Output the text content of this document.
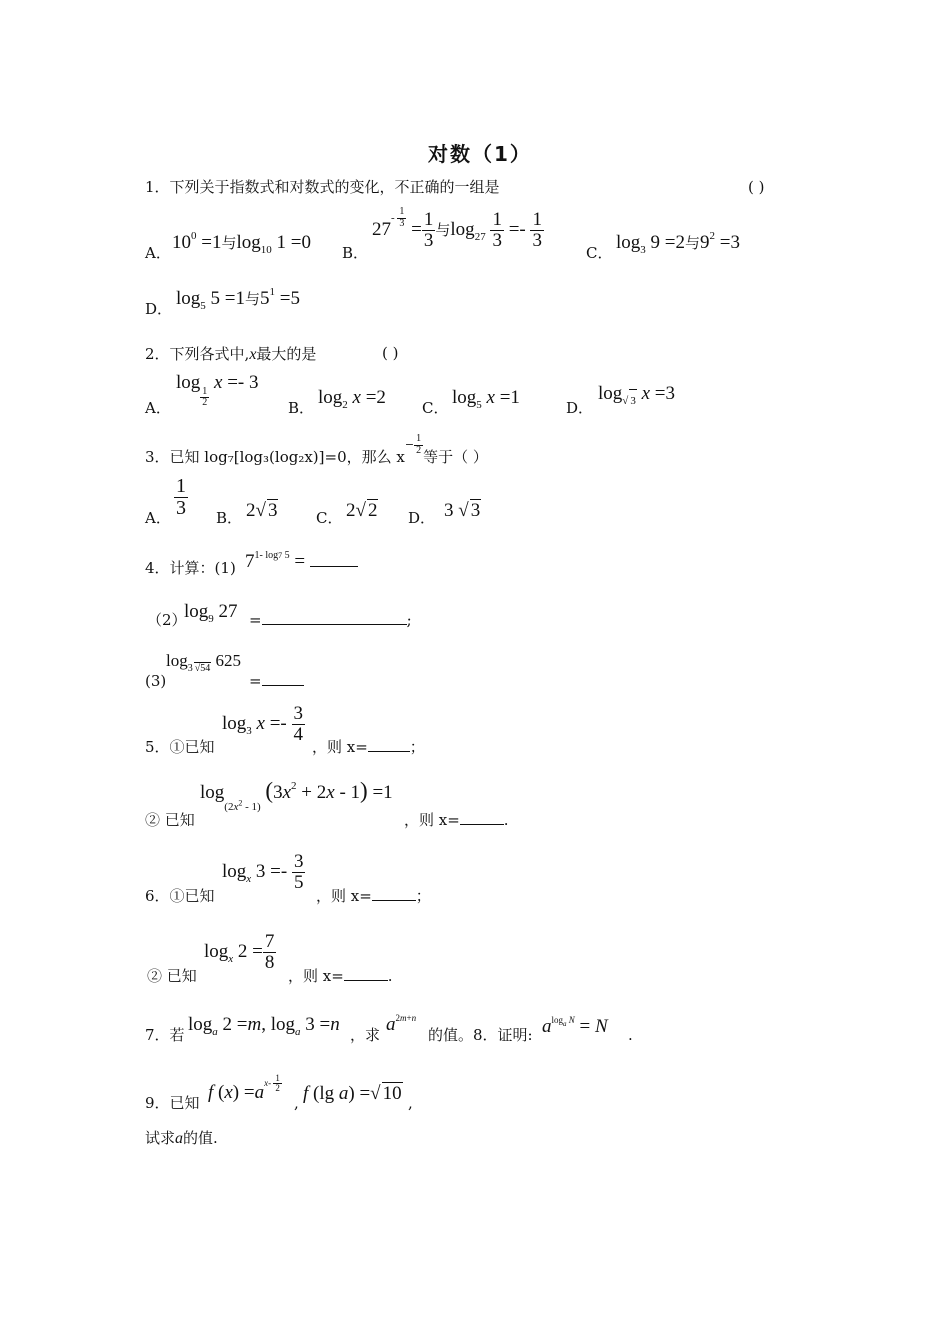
对数（1）
1．下列关于指数式和对数式的变化，不正确的一组是	( )
A． $10^0 =1$与$\log_{10} 1 =0$ B．
$27^{- \frac{1}{3}}$
= $\frac{1}{3}$ 与$\log_{27} \frac{1}{3} =- \frac{1}{3}$
C． $\log_3 9 =2$与$9^2 =3$
D． $\log_5 5 =1$与$5^1 =5$
2．下列各式中,x最大的是	( )
A．
log
$\frac{1}{2}$
x =- 3
B． $\log_2 x =2$ C． $\log_5 x =1$	D．
$\log_{√ 3} x =3$
3．已知 log₇[log₃(log₂x)]=0，那么 $x^{- \frac{1}{2}}$
等于（ ）
A． $\frac{1}{3}$ B． 2√ 3	C． 2√ 2 D． 3 √ 3
4．计算：(1) $7^{1- log7 5}$ =
（2）
$\log_9 27$ =	;
(3)
$\log_{3 √54} 625$
=
5．①已知
$\log_3 x =- \frac{3}{4}$
，则 x=	；
② 已知
$\log_{(2x^2 - 1)} (3x^2 + 2x - 1) =1$
，则 x=	.
6．①已知
$\log_x 3 =- \frac{3}{5}$
，则 x=	；
② 已知
$\log_x 2 = \frac{7}{8}$
，则 x=	.
7．若 $\log_a 2 =m$, $\log_a 3 =n$ ，求 $a^{2m+n}$
的值。8．证明: $a^{log_a N} = N$ .
9．已知 f $(x) =a^{x- \frac{1}{2}}$
, f (lg a) =√ 10 ,
试求a的值.
